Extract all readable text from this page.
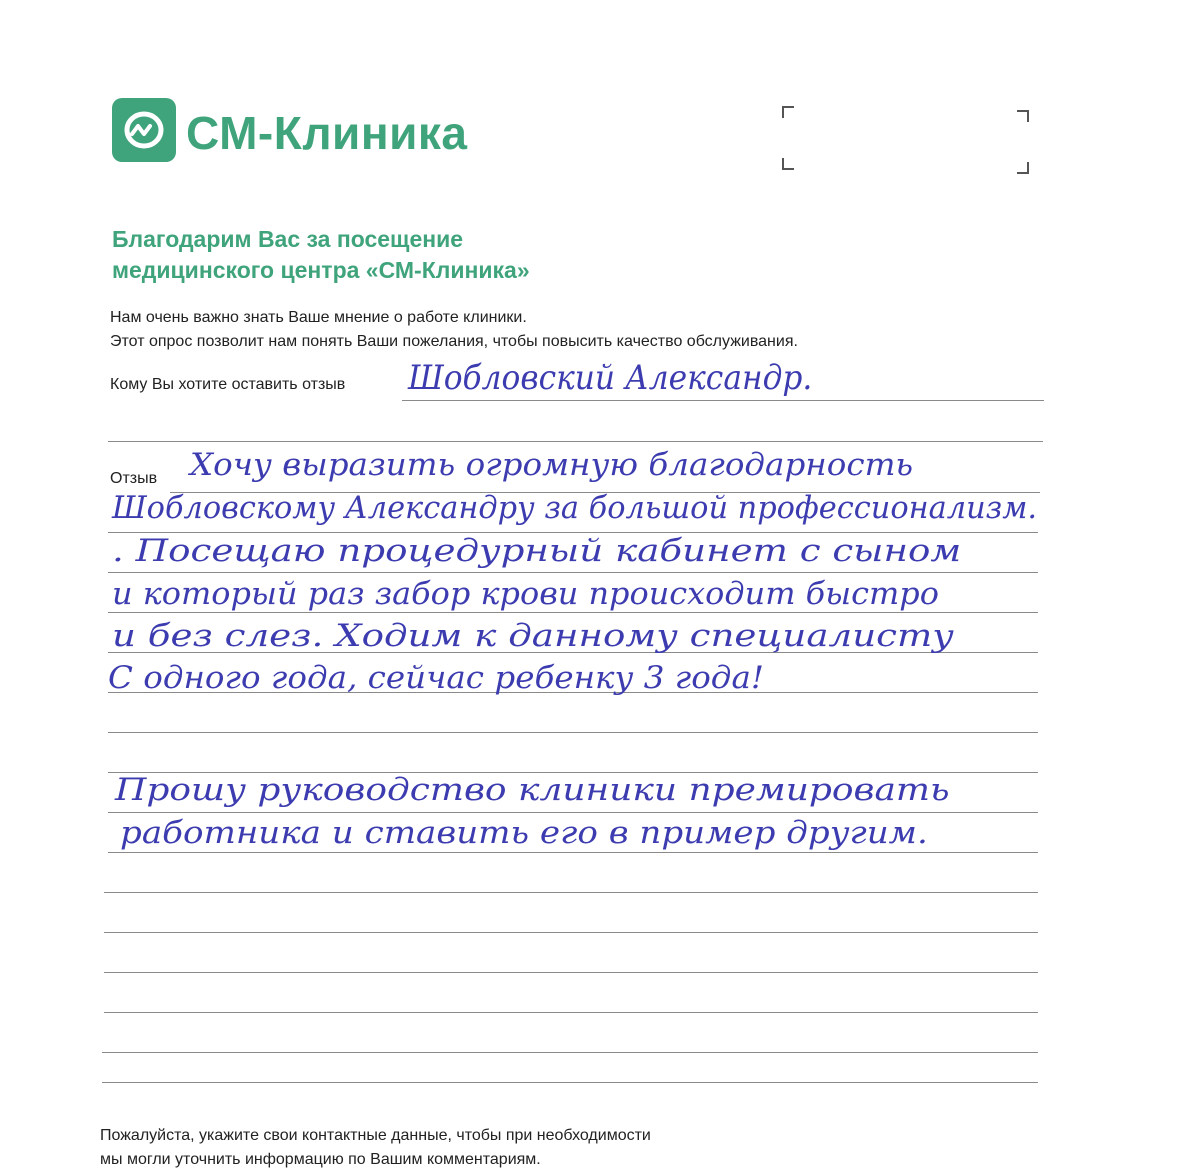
СМ-Клиника
Благодарим Вас за посещение
медицинского центра «СМ-Клиника»
Нам очень важно знать Ваше мнение о работе клиники.
Этот опрос позволит нам понять Ваши пожелания, чтобы повысить качество обслуживания.
Кому Вы хотите оставить отзыв Шобловский Александр.
Отзыв Хочу выразить огромную благодарность
Шобловскому Александру за большой профессионализм.
. Посещаю процедурный кабинет с сыном
и который раз забор крови происходит быстро
и без слез. Ходим к данному специалисту
С одного года, сейчас ребенку 3 года!
Прошу руководство клиники премировать
работника и ставить его в пример другим.
Пожалуйста, укажите свои контактные данные, чтобы при необходимости
мы могли уточнить информацию по Вашим комментариям.
